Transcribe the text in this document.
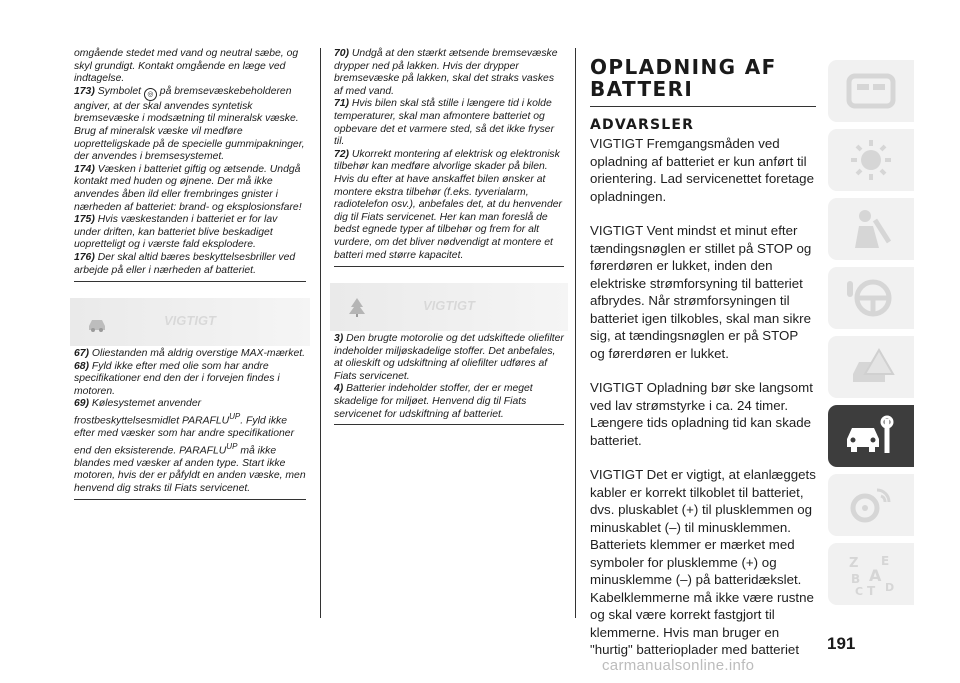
omgående stedet med vand og neutral sæbe, og skyl grundigt. Kontakt omgående en læge ved indtagelse.

173) Symbolet ◎ på bremsevæskebeholderen angiver, at der skal anvendes syntetisk bremsevæske i modsætning til mineralsk væske. Brug af mineralsk væske vil medføre uopretteligskade på de specielle gummipakninger, der anvendes i bremsesystemet.

174) Væsken i batteriet giftig og ætsende. Undgå kontakt med huden og øjnene. Der må ikke anvendes åben ild eller frembringes gnister i nærheden af batteriet: brand- og eksplosionsfare!

175) Hvis væskestanden i batteriet er for lav under driften, kan batteriet blive beskadiget uopretteligt og i værste fald eksplodere.

176) Der skal altid bæres beskyttelsesbriller ved arbejde på eller i nærheden af batteriet.

VIGTIGT

67) Oliestanden må aldrig overstige MAX-mærket.

68) Fyld ikke efter med olie som har andre specifikationer end den der i forvejen findes i motoren.

69) Kølesystemet anvender frostbeskyttelsesmidlet $PARAFLU^{UP}$. Fyld ikke efter med væsker som har andre specifikationer end den eksisterende. $PARAFLU^{UP}$ må ikke blandes med væsker af anden type. Start ikke motoren, hvis der er påfyldt en anden væske, men henvend dig straks til Fiats servicenet.

70) Undgå at den stærkt ætsende bremsevæske drypper ned på lakken. Hvis der drypper bremsevæske på lakken, skal det straks vaskes af med vand.

71) Hvis bilen skal stå stille i længere tid i kolde temperaturer, skal man afmontere batteriet og opbevare det et varmere sted, så det ikke fryser til.

72) Ukorrekt montering af elektrisk og elektronisk tilbehør kan medføre alvorlige skader på bilen. Hvis du efter at have anskaffet bilen ønsker at montere ekstra tilbehør (f.eks. tyverialarm, radiotelefon osv.), anbefales det, at du henvender dig til Fiats servicenet. Her kan man foreslå de bedst egnede typer af tilbehør og frem for alt vurdere, om det bliver nødvendigt at montere et batteri med større kapacitet.

VIGTIGT

3) Den brugte motorolie og det udskiftede oliefilter indeholder miljøskadelige stoffer. Det anbefales, at olieskift og udskiftning af oliefilter udføres af Fiats servicenet.

4) Batterier indeholder stoffer, der er meget skadelige for miljøet. Henvend dig til Fiats servicenet for udskiftning af batteriet.

OPLADNING AF BATTERI
ADVARSLER

VIGTIGT Fremgangsmåden ved opladning af batteriet er kun anført til orientering. Lad servicenettet foretage opladningen.

VIGTIGT Vent mindst et minut efter tændingsnøglen er stillet på STOP og førerdøren er lukket, inden den elektriske strømforsyning til batteriet afbrydes. Når strømforsyningen til batteriet igen tilkobles, skal man sikre sig, at tændingsnøglen er på STOP og førerdøren er lukket.

VIGTIGT Opladning bør ske langsomt ved lav strømstyrke i ca. 24 timer. Længere tids opladning tid kan skade batteriet.

VIGTIGT Det er vigtigt, at elanlæggets kabler er korrekt tilkoblet til batteriet, dvs. pluskablet (+) til plusklemmen og minuskablet (–) til minusklemmen. Batteriets klemmer er mærket med symboler for plusklemme (+) og minusklemme (–) på batteridækslet. Kabelklemmerne må ikke være rustne og skal være korrekt fastgjort til klemmerne. Hvis man bruger en "hurtig" batterioplader med batteriet

Z E
B A
C T D
191
carmanualsonline.info
